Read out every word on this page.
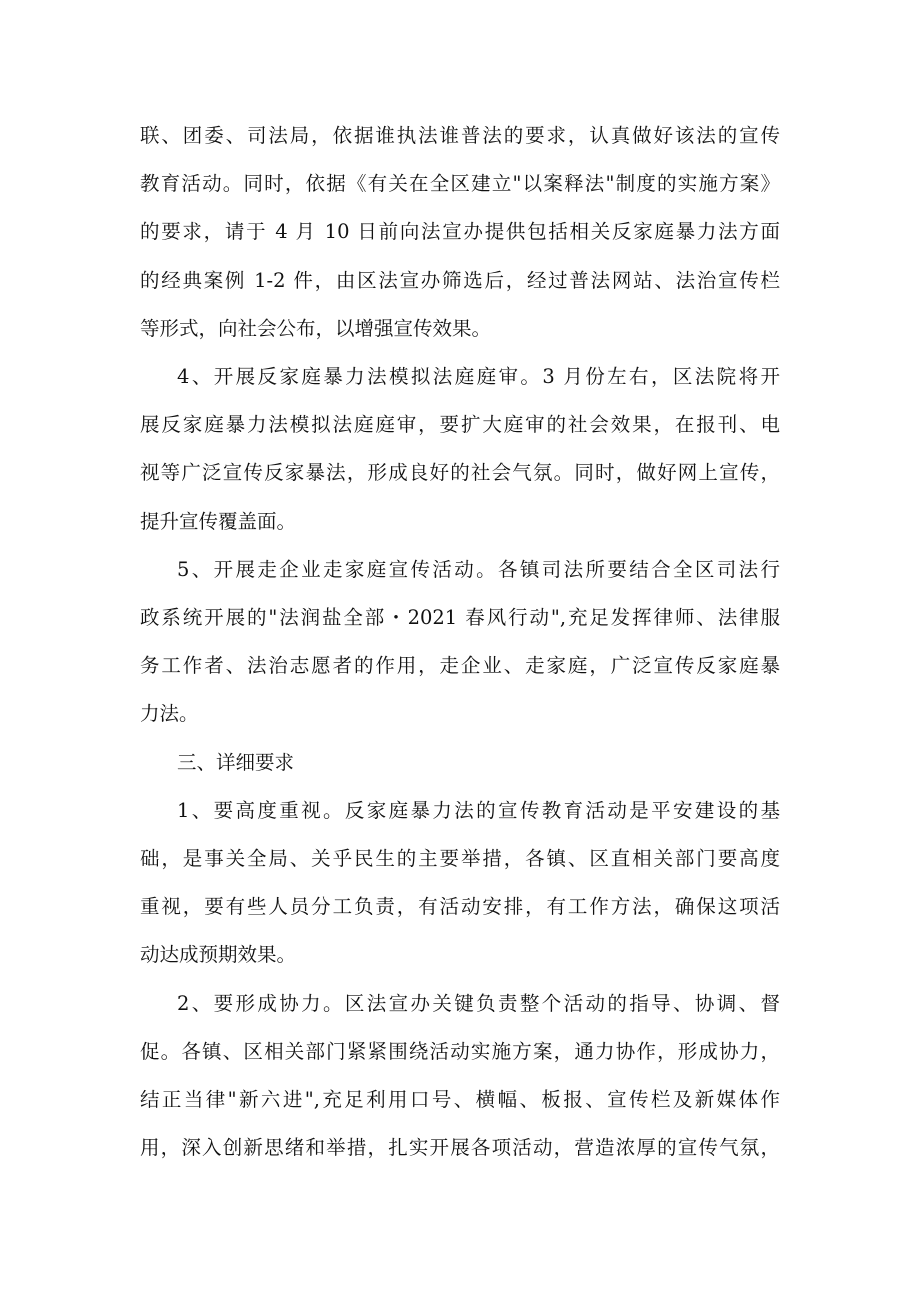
联、团委、司法局，依据谁执法谁普法的要求，认真做好该法的宣传
教育活动。同时，依据《有关在全区建立"以案释法"制度的实施方案》
的要求，请于 4 月 10 日前向法宣办提供包括相关反家庭暴力法方面
的经典案例 1-2 件，由区法宣办筛选后，经过普法网站、法治宣传栏
等形式，向社会公布，以增强宣传效果。

4、开展反家庭暴力法模拟法庭庭审。3 月份左右，区法院将开
展反家庭暴力法模拟法庭庭审，要扩大庭审的社会效果，在报刊、电
视等广泛宣传反家暴法，形成良好的社会气氛。同时，做好网上宣传，
提升宣传覆盖面。

5、开展走企业走家庭宣传活动。各镇司法所要结合全区司法行
政系统开展的"法润盐全部・2021 春风行动",充足发挥律师、法律服
务工作者、法治志愿者的作用，走企业、走家庭，广泛宣传反家庭暴
力法。

三、详细要求

1、要高度重视。反家庭暴力法的宣传教育活动是平安建设的基
础，是事关全局、关乎民生的主要举措，各镇、区直相关部门要高度
重视，要有些人员分工负责，有活动安排，有工作方法，确保这项活
动达成预期效果。

2、要形成协力。区法宣办关键负责整个活动的指导、协调、督
促。各镇、区相关部门紧紧围绕活动实施方案，通力协作，形成协力，
结正当律"新六进",充足利用口号、横幅、板报、宣传栏及新媒体作
用，深入创新思绪和举措，扎实开展各项活动，营造浓厚的宣传气氛，
